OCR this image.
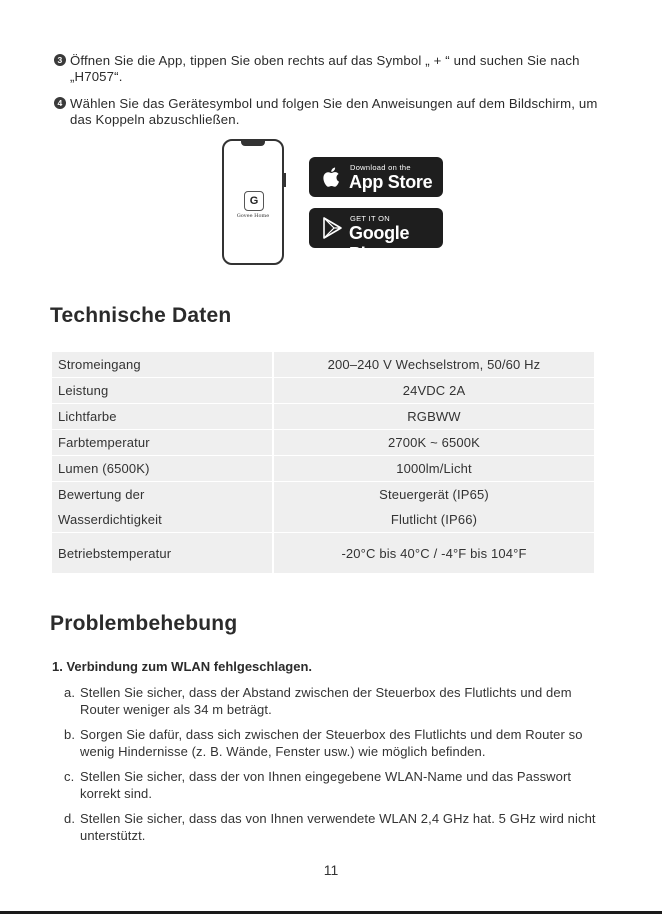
3 Öffnen Sie die App, tippen Sie oben rechts auf das Symbol „ + “ und suchen Sie nach „H7057“.
4 Wählen Sie das Gerätesymbol und folgen Sie den Anweisungen auf dem Bildschirm, um das Koppeln abzuschließen.
G
Govee Home
Download on the
App Store
GET IT ON
Google Play
Technische Daten
Stromeingang	200–240 V Wechselstrom, 50/60 Hz
Leistung	24VDC 2A
Lichtfarbe	RGBWW
Farbtemperatur	2700K ~ 6500K
Lumen (6500K)	1000lm/Licht
Bewertung der	Steuergerät (IP65)
Wasserdichtigkeit	Flutlicht (IP66)
Betriebstemperatur	-20°C bis 40°C / -4°F bis 104°F
Problembehebung
1. Verbindung zum WLAN fehlgeschlagen.
a. Stellen Sie sicher, dass der Abstand zwischen der Steuerbox des Flutlichts und dem Router weniger als 34 m beträgt.
b. Sorgen Sie dafür, dass sich zwischen der Steuerbox des Flutlichts und dem Router so wenig Hindernisse (z. B. Wände, Fenster usw.) wie möglich befinden.
c. Stellen Sie sicher, dass der von Ihnen eingegebene WLAN-Name und das Passwort korrekt sind.
d. Stellen Sie sicher, dass das von Ihnen verwendete WLAN 2,4 GHz hat. 5 GHz wird nicht unterstützt.
11
